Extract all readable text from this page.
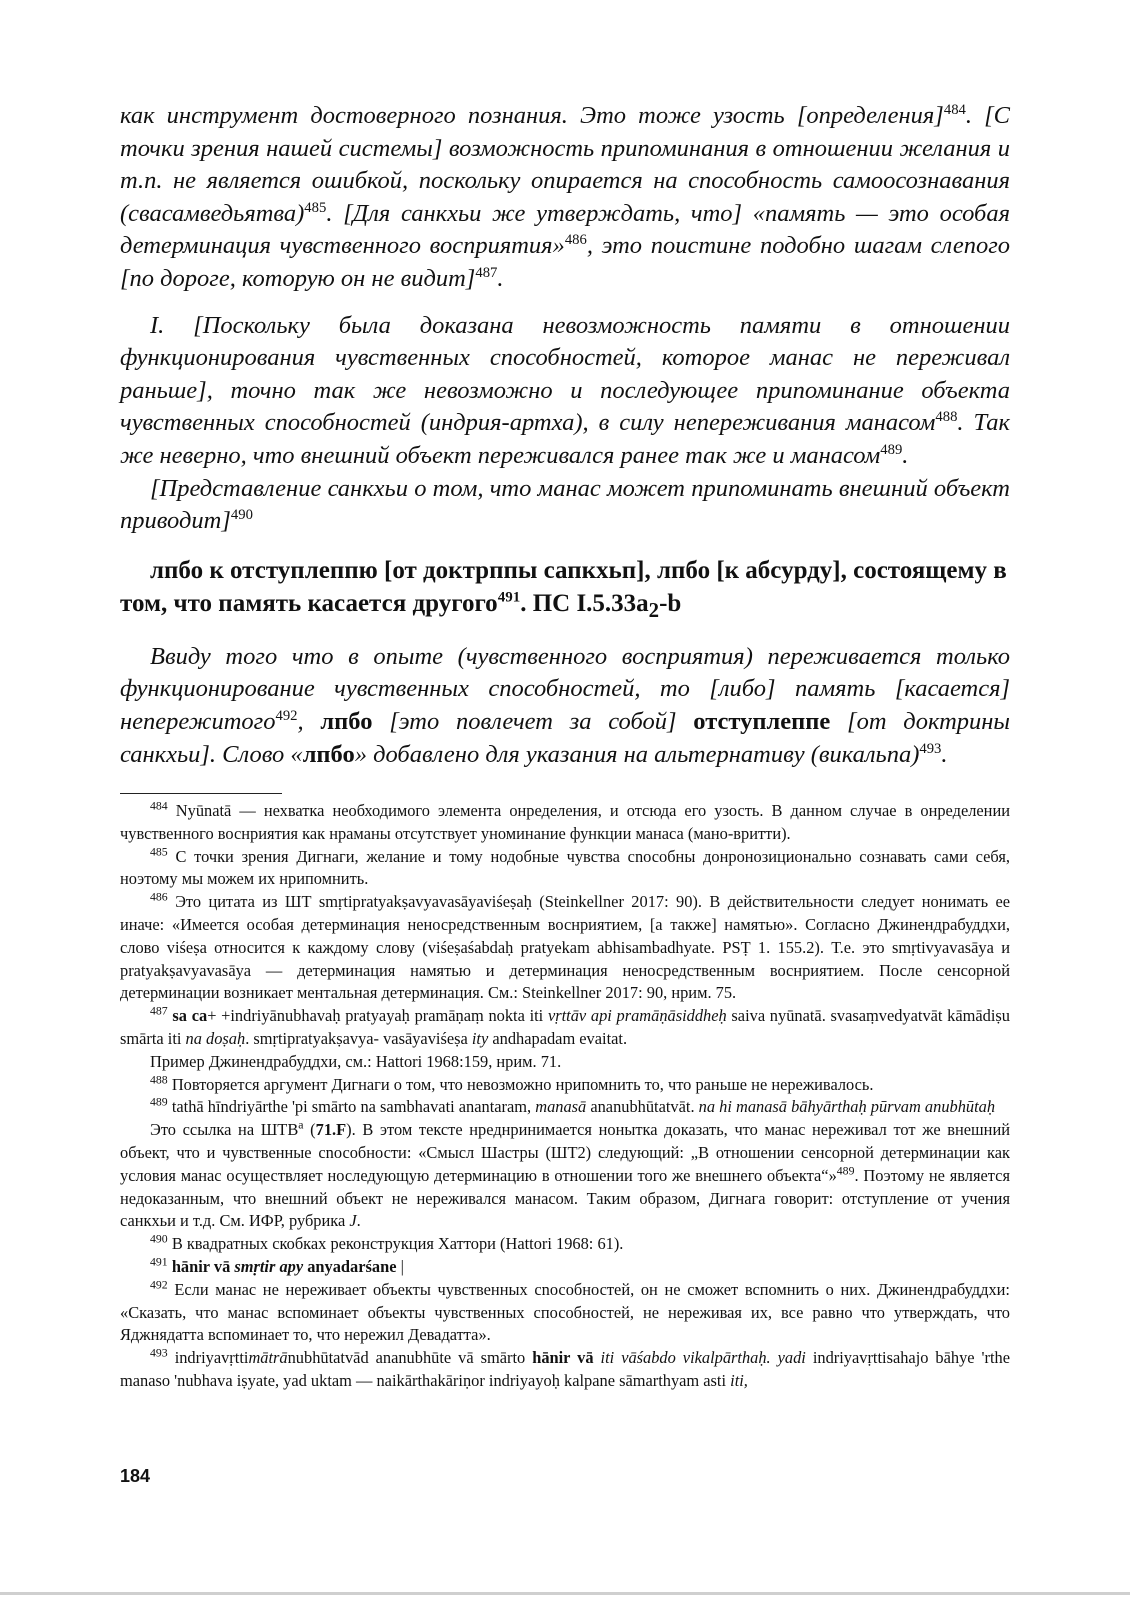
как инструмент достоверного познания. Это тоже узость [определения]$^{484}$. [С точки зрения нашей системы] возможность припоминания в отношении желания и т.п. не является ошибкой, поскольку опирается на способность самоосознавания (свасамведьятва)$^{485}$. [Для санкхьи же утверждать, что] «память — это особая детерминация чувственного восприятия»$^{486}$, это поистине подобно шагам слепого [по дороге, которую он не видит]$^{487}$.

I. [Поскольку была доказана невозможность памяти в отношении функционирования чувственных способностей, которое манас не переживал раньше], точно так же невозможно и последующее припоминание объекта чувственных способностей (индрия-артха), в силу непереживания манасом$^{488}$. Так же неверно, что внешний объект переживался ранее так же и манасом$^{489}$.

[Представление санкхьи о том, что манас может припоминать внешний объект приводит]$^{490}$

лпбо к отступлеппю [от доктрппы сапкхьп], лпбо [к абсурду], состоящему в том, что память касается другого$^{491}$. ПС $I.5.33a_2-b$

Ввиду того что в опыте (чувственного восприятия) переживается только функционирование чувственных способностей, то [либо] память [касается] непережитого$^{492}$, лпбо [это повлечет за собой] отступлеппе [от доктрины санкхьи]. Слово «лпбо» добавлено для указания на альтернативу (викальпа)$^{493}$.

$^{484}$ Nyūnatā — нехватка необходимого элемента онределения, и отсюда его узость. В данном случае в онределении чувственного воснриятия как нраманы отсутствует уноминание функции манаса (мано-вритти).

$^{485}$ С точки зрения Дигнаги, желание и тому нодобные чувства сnособны донронозиционально сознавать сами себя, ноэтому мы можем их нрипомнить.

$^{486}$ Это цитата из ШТ smṛtipratyakṣavyavasāyaviśeṣaḥ (Steinkellner 2017: 90). В действительности следует нонимать ее иначе: «Имеется особая детерминация неносредственным воснриятием, [а также] намятью». Согласно Джинендрабуддхи, слово viśeṣa относится к каждому слову (viśeṣaśabdaḥ pratyekam abhisambadhyate. PSṬ 1. 155.2). Т.е. это smṛtivyavasāya и pratyakṣavyavasāya — детерминация намятью и детерминация неносредственным воснриятием. После сенсорной детерминации возникает ментальная детерминация. См.: Steinkellner 2017: 90, нрим. 75.

$^{487}$ sa ca+ +indriyānubhavaḥ pratyayaḥ pramāṇaṃ nokta iti vṛttāv api pramāṇāsiddheḥ saiva nyūnatā. svasaṃvedyatvāt kāmādiṣu smārta iti na doṣaḥ. smṛtipratyakṣavya- vasāyaviśeṣa ity andhapadam evaitat.

Пример Джинендрабуддхи, см.: Hattori 1968:159, нрим. 71.

$^{488}$ Повторяется аргумент Дигнаги о том, что невозможно нрипомнить то, что раньше не нереживалось.

$^{489}$ tathā hīndriyārthe 'pi smārto na sambhavati anantaram, manasā ananubhūtatvāt. na hi manasā bāhyārthaḥ pūrvam anubhūtaḥ

Это ссылка на ШТВ$^a$ (71.F). В этом тексте нреднринимается нонытка доказать, что манас нереживал тот же внешний объект, что и чувственные сnособности: «Смысл Шастры (ШТ2) следующий: „В отношении сенсорной детерминации как условия манас осуществляет носледующую детерминацию в отношении того же внешнего объекта“»$^{489}$. Поэтому не является недоказанным, что внешний объект не нереживался манасом. Таким образом, Дигнага говорит: отступление от учения санкхьи и т.д. См. ИФР, рубрика J.

$^{490}$ В квадратных скобках реконструкция Хаттори (Hattori 1968: 61).

$^{491}$ hānir vā smṛtir apy anyadarśane |

$^{492}$ Если манас не нереживает объекты чувственных сnособностей, он не сможет вспомнить о них. Джинендрабуддхи: «Сказать, что манас вспоминает объекты чувственных способностей, не нереживая их, все равно что утверждать, что Яджнядатта вспоминает то, что нережил Девадатта».

$^{493}$ indriyavṛttimātrānubhūtatvād ananubhūte vā smārto hānir vā iti vāśabdo vikalpārthaḥ. yadi indriyavṛttisahajo bāhye 'rthe manaso 'nubhava iṣyate, yad uktam — naikārthakāriṇor indriyayoḥ kalpane sāmarthyam asti iti,

184
